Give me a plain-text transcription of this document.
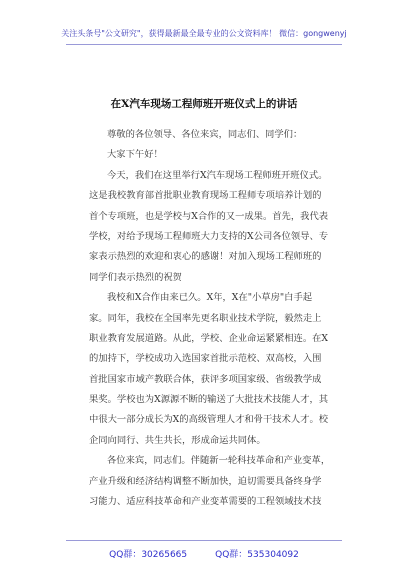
关注头条号"公文研究"，获得最新最全最专业的公文资料库！ 微信：gongwenyj
在X汽车现场工程师班开班仪式上的讲话
尊敬的各位领导、各位来宾，同志们、同学们：
大家下午好！
今天，我们在这里举行X汽车现场工程师班开班仪式。
这是我校教育部首批职业教育现场工程师专项培养计划的
首个专项班，也是学校与X合作的又一成果。首先，我代表
学校，对给予现场工程师班大力支持的X公司各位领导、专
家表示热烈的欢迎和衷心的感谢！对加入现场工程师班的
同学们表示热烈的祝贺
我校和X合作由来已久。X年，X在"小草房"白手起
家。同年，我校在全国率先更名职业技术学院，毅然走上
职业教育发展道路。从此，学校、企业命运紧紧相连。在X
的加持下，学校成功入选国家首批示范校、双高校，入围
首批国家市域产教联合体，获评多项国家级、省级教学成
果奖。学校也为X源源不断的输送了大批技术技能人才，其
中很大一部分成长为X的高级管理人才和骨干技术人才。校
企同向同行、共生共长，形成命运共同体。
各位来宾，同志们。伴随新一轮科技革命和产业变革，
产业升级和经济结构调整不断加快，迫切需要具备终身学
习能力、适应科技革命和产业变革需要的工程领域技术技
QQ群：30265665	QQ群：535304092
